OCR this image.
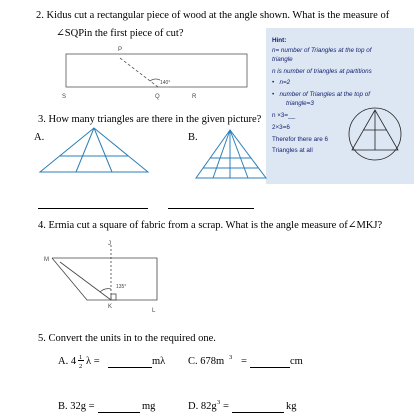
2. Kidus cut a rectangular piece of wood at the angle shown. What is the measure of
∠SQPin the first piece of cut?
Hint:
n= number of Triangles at the top of
triangle
n is number of triangles at partitions
•   n=2
•   number of Triangles at the top of
triangle=3
n ×3=__
2×3=6
Therefor there are 6
Triangles at all
3. How many triangles are there in the given picture?
A.	B.
4. Ermia cut a square of fabric from a scrap. What is the angle measure of∠MKJ?
5. Convert the units in to the required one.
A. 4 1
2 λ =	mλ C. 678m 3 =	cm
B. 32g =	mg	D. 82g 3 =	kg
P
S	Q	R
140°
M
J
K
L
135°
